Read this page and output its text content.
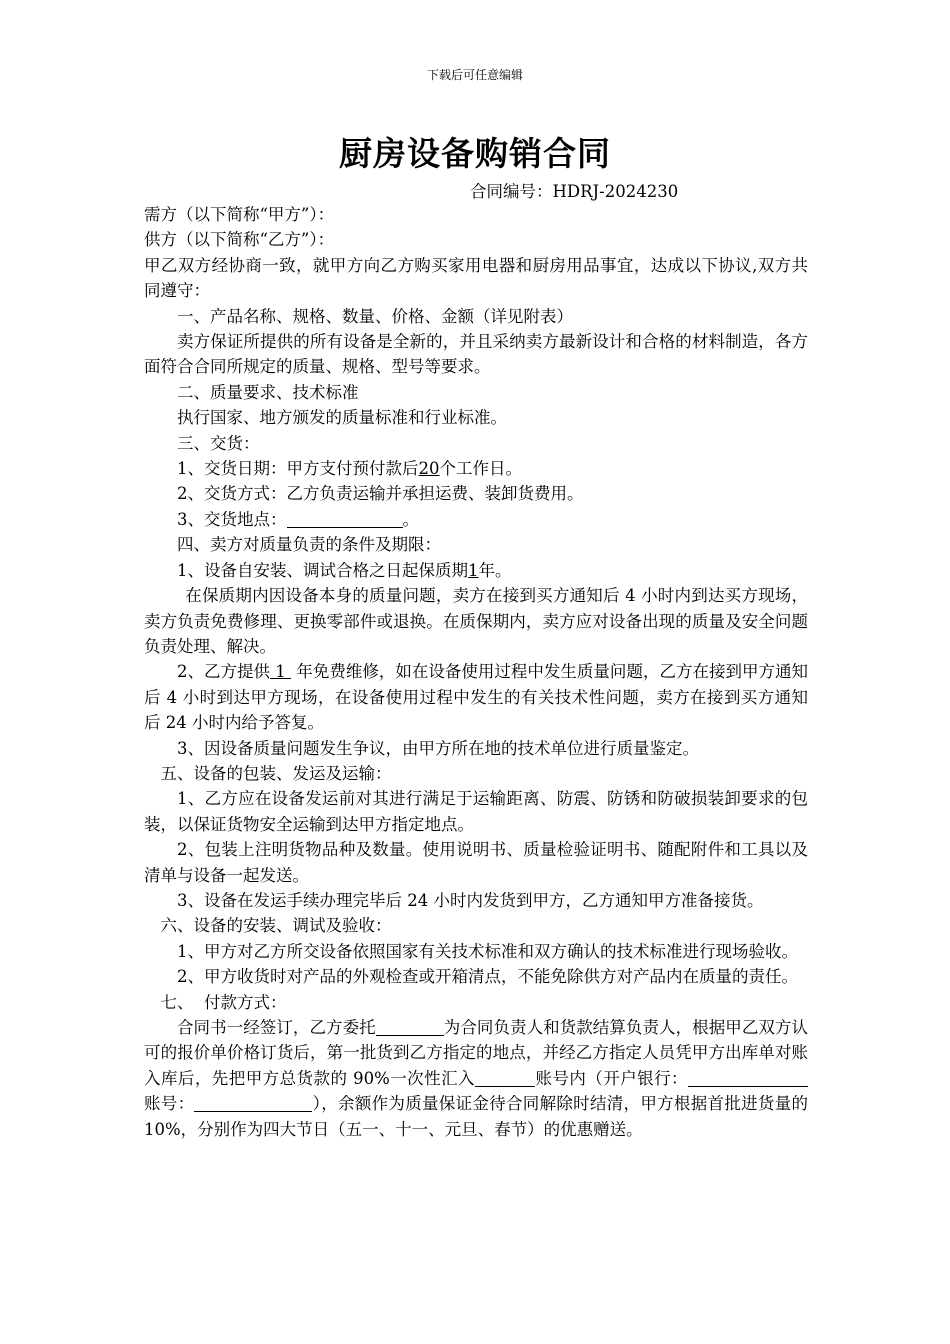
下载后可任意编辑
厨房设备购销合同
合同编号：HDRJ-2024230

需方（以下简称“甲方”）：

供方（以下简称“乙方”）：

甲乙双方经协商一致，就甲方向乙方购买家用电器和厨房用品事宜，达成以下协议,双方共同遵守：

一、产品名称、规格、数量、价格、金额（详见附表）

卖方保证所提供的所有设备是全新的，并且采纳卖方最新设计和合格的材料制造，各方面符合合同所规定的质量、规格、型号等要求。

二、质量要求、技术标准

执行国家、地方颁发的质量标准和行业标准。

三、交货：

1、交货日期：甲方支付预付款后20个工作日。

2、交货方式：乙方负责运输并承担运费、装卸货费用。

3、交货地点：	。

四、卖方对质量负责的条件及期限：

1、设备自安装、调试合格之日起保质期1年。

在保质期内因设备本身的质量问题，卖方在接到买方通知后 4 小时内到达买方现场，卖方负责免费修理、更换零部件或退换。在质保期内，卖方应对设备出现的质量及安全问题负责处理、解决。

2、乙方提供 1  年免费维修，如在设备使用过程中发生质量问题，乙方在接到甲方通知后 4 小时到达甲方现场，在设备使用过程中发生的有关技术性问题，卖方在接到买方通知后 24 小时内给予答复。

3、因设备质量问题发生争议，由甲方所在地的技术单位进行质量鉴定。

五、设备的包装、发运及运输：

1、乙方应在设备发运前对其进行满足于运输距离、防震、防锈和防破损装卸要求的包装，以保证货物安全运输到达甲方指定地点。

2、包装上注明货物品种及数量。使用说明书、质量检验证明书、随配附件和工具以及清单与设备一起发送。

3、设备在发运手续办理完毕后 24 小时内发货到甲方，乙方通知甲方准备接货。

六、设备的安装、调试及验收：

1、甲方对乙方所交设备依照国家有关技术标准和双方确认的技术标准进行现场验收。

2、甲方收货时对产品的外观检查或开箱清点，不能免除供方对产品内在质量的责任。

七、  付款方式：

合同书一经签订，乙方委托	为合同负责人和货款结算负责人，根据甲乙双方认可的报价单价格订货后，第一批货到乙方指定的地点，并经乙方指定人员凭甲方出库单对账入库后，先把甲方总货款的 90%一次性汇入	账号内（开户银行：账号：	），余额作为质量保证金待合同解除时结清，甲方根据首批进货量的 10%，分别作为四大节日（五一、十一、元旦、春节）的优惠赠送。
